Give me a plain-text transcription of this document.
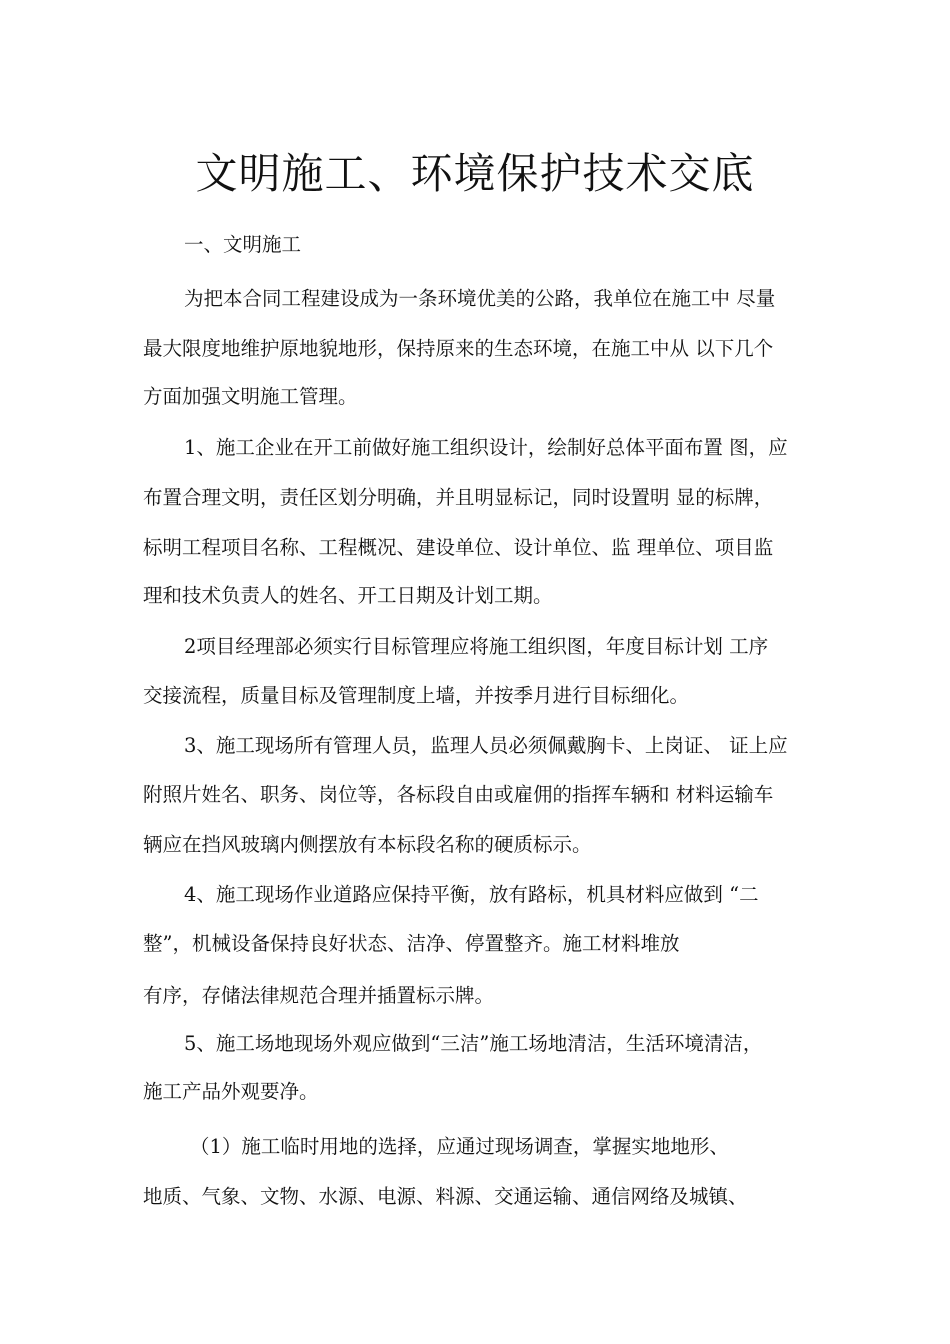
文明施工、环境保护技术交底
一、文明施工
为把本合同工程建设成为一条环境优美的公路，我单位在施工中 尽量
最大限度地维护原地貌地形，保持原来的生态环境，在施工中从 以下几个
方面加强文明施工管理。
1、施工企业在开工前做好施工组织设计，绘制好总体平面布置 图，应
布置合理文明，责任区划分明确，并且明显标记，同时设置明 显的标牌，
标明工程项目名称、工程概况、建设单位、设计单位、监 理单位、项目监
理和技术负责人的姓名、开工日期及计划工期。
2项目经理部必须实行目标管理应将施工组织图，年度目标计划 工序
交接流程，质量目标及管理制度上墙，并按季月进行目标细化。
3、施工现场所有管理人员，监理人员必须佩戴胸卡、上岗证、 证上应
附照片姓名、职务、岗位等，各标段自由或雇佣的指挥车辆和 材料运输车
辆应在挡风玻璃内侧摆放有本标段名称的硬质标示。
4、施工现场作业道路应保持平衡，放有路标，机具材料应做到 “二
整”，机械设备保持良好状态、洁净、停置整齐。施工材料堆放
有序，存储法律规范合理并插置标示牌。
5、施工场地现场外观应做到“三洁”施工场地清洁，生活环境清洁，
施工产品外观要净。
（1）施工临时用地的选择，应通过现场调查，掌握实地地形、
地质、气象、文物、水源、电源、料源、交通运输、通信网络及城镇、
